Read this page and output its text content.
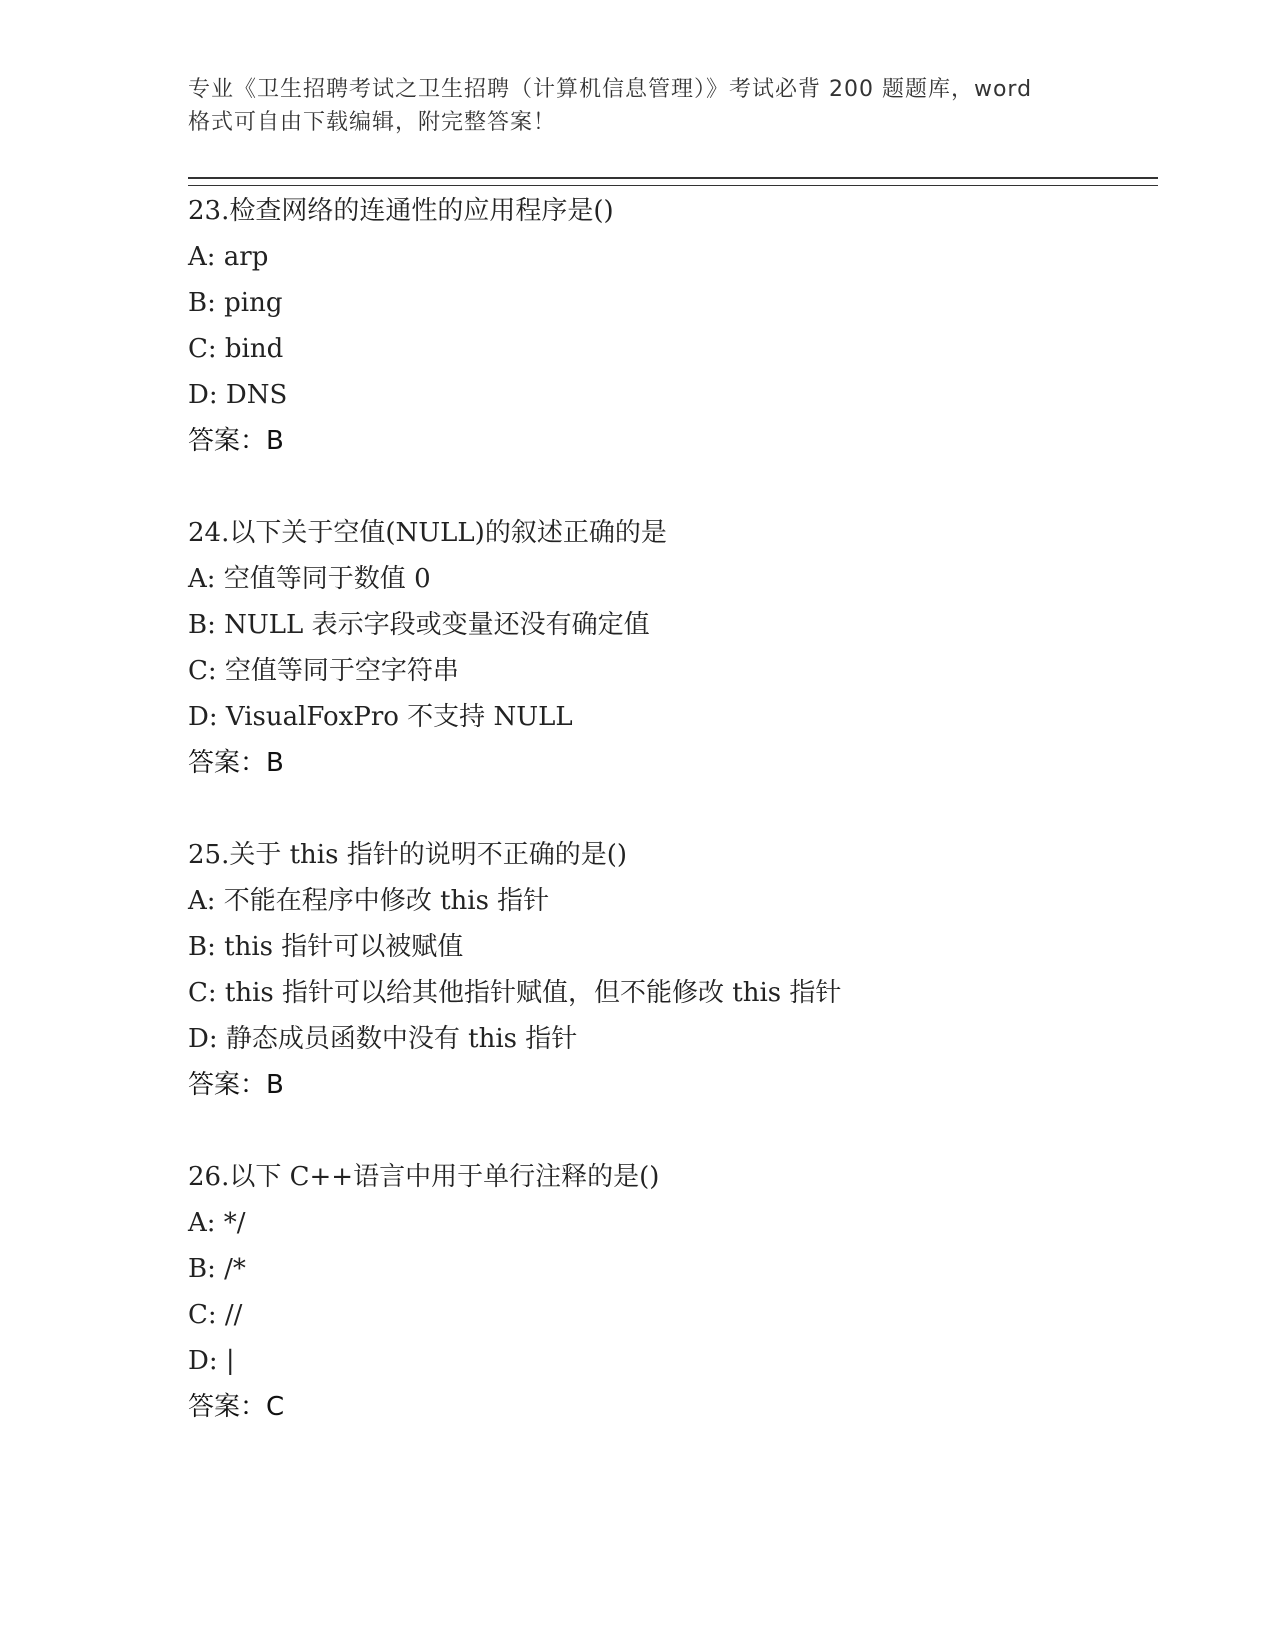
专业《卫生招聘考试之卫生招聘（计算机信息管理）》考试必背 200 题题库，word
格式可自由下载编辑，附完整答案！
23.检查网络的连通性的应用程序是()
A: arp
B: ping
C: bind
D: DNS
答案：B
24.以下关于空值(NULL)的叙述正确的是
A: 空值等同于数值 0
B: NULL 表示字段或变量还没有确定值
C: 空值等同于空字符串
D: VisualFoxPro 不支持 NULL
答案：B
25.关于 this 指针的说明不正确的是()
A: 不能在程序中修改 this 指针
B: this 指针可以被赋值
C: this 指针可以给其他指针赋值，但不能修改 this 指针
D: 静态成员函数中没有 this 指针
答案：B
26.以下 C++语言中用于单行注释的是()
A: */
B: /*
C: //
D: |
答案：C
